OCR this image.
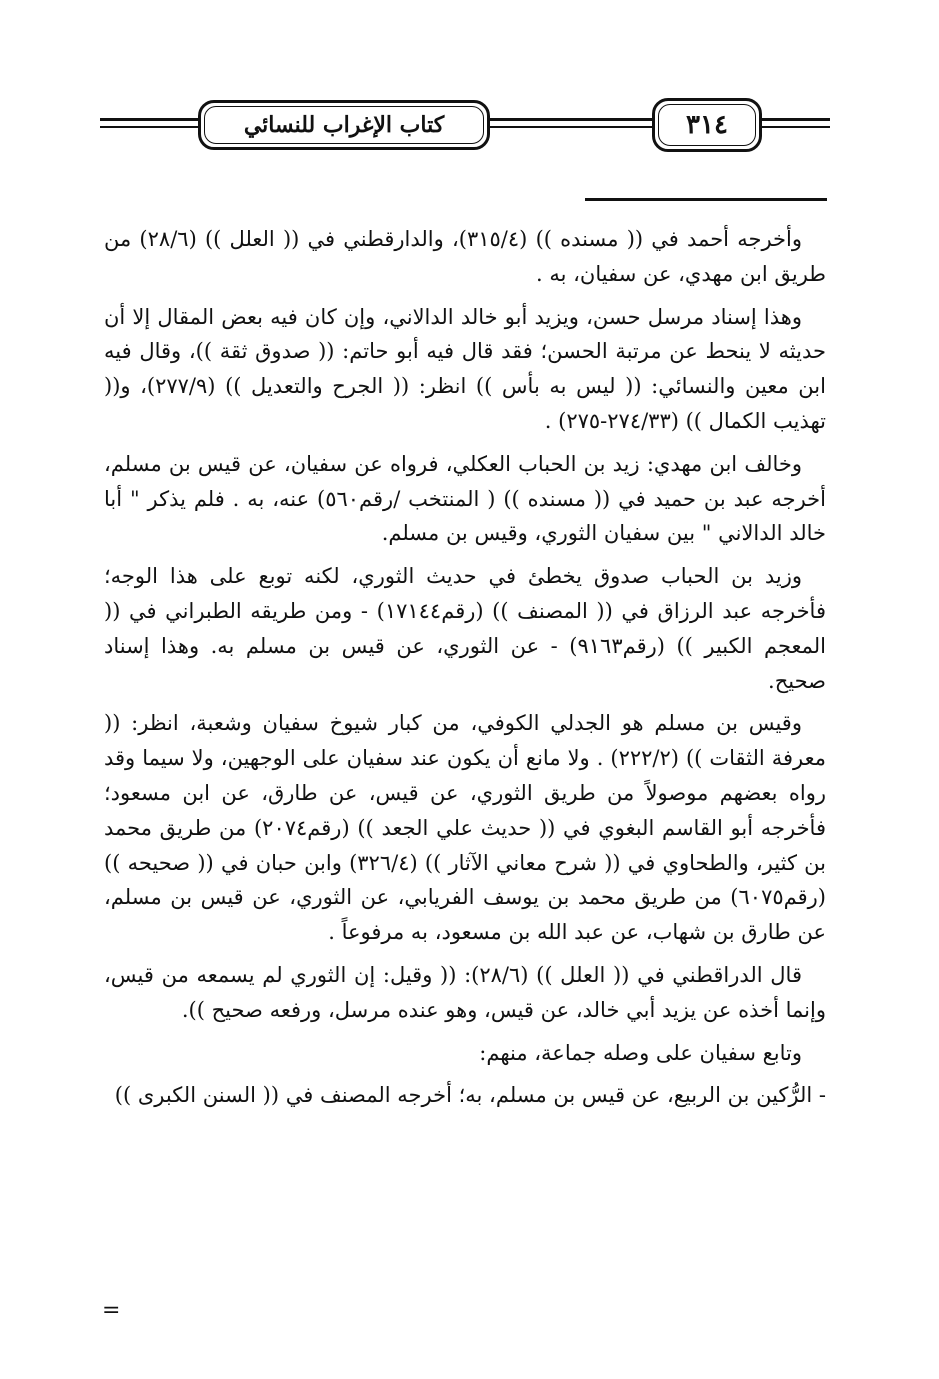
كتاب الإغراب للنسائي	٣١٤

وأخرجه أحمد في (( مسنده )) (٣١٥/٤)، والدارقطني في (( العلل )) (٢٨/٦) من طريق ابن مهدي، عن سفيان، به .

وهذا إسناد مرسل حسن، ويزيد أبو خالد الدالاني، وإن كان فيه بعض المقال إلا أن حديثه لا ينحط عن مرتبة الحسن؛ فقد قال فيه أبو حاتم: (( صدوق ثقة ))، وقال فيه ابن معين والنسائي: (( ليس به بأس )) انظر: (( الجرح والتعديل )) (٢٧٧/٩)، و(( تهذيب الكمال )) (٢٧٤/٣٣-٢٧٥) .

وخالف ابن مهدي: زيد بن الحباب العكلي، فرواه عن سفيان، عن قيس بن مسلم، أخرجه عبد بن حميد في (( مسنده )) ( المنتخب /رقم٥٦٠) عنه، به . فلم يذكر " أبا خالد الدالاني " بين سفيان الثوري، وقيس بن مسلم.

وزيد بن الحباب صدوق يخطئ في حديث الثوري، لكنه توبع على هذا الوجه؛ فأخرجه عبد الرزاق في (( المصنف )) (رقم١٧١٤٤) - ومن طريقه الطبراني في (( المعجم الكبير )) (رقم٩١٦٣) - عن الثوري، عن قيس بن مسلم به. وهذا إسناد صحيح.

وقيس بن مسلم هو الجدلي الكوفي، من كبار شيوخ سفيان وشعبة، انظر: (( معرفة الثقات )) (٢٢٢/٢) . ولا مانع أن يكون عند سفيان على الوجهين، ولا سيما وقد رواه بعضهم موصولاً من طريق الثوري، عن قيس، عن طارق، عن ابن مسعود؛ فأخرجه أبو القاسم البغوي في (( حديث علي الجعد )) (رقم٢٠٧٤) من طريق محمد بن كثير، والطحاوي في (( شرح معاني الآثار )) (٣٢٦/٤) وابن حبان في (( صحيحه )) (رقم٦٠٧٥) من طريق محمد بن يوسف الفريابي، عن الثوري، عن قيس بن مسلم، عن طارق بن شهاب، عن عبد الله بن مسعود، به مرفوعاً .

قال الدراقطني في (( العلل )) (٢٨/٦): (( وقيل: إن الثوري لم يسمعه من قيس، وإنما أخذه عن يزيد أبي خالد، عن قيس، وهو عنده مرسل، ورفعه صحيح )).

وتابع سفيان على وصله جماعة، منهم:

- الرُّكين بن الربيع، عن قيس بن مسلم، به؛ أخرجه المصنف في (( السنن الكبرى ))

=
